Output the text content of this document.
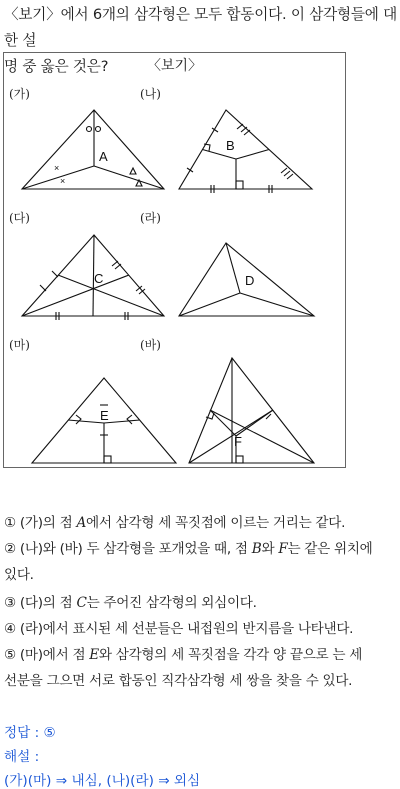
〈보기〉에서 6개의 삼각형은 모두 합동이다. 이 삼각형들에 대한 설
명 중 옳은 것은?	〈보기〉
(가)	(나)
(다)	(라)
(마)	(바)
×
×
A
B
C	D
E
F
① (가)의 점 A에서 삼각형 세 꼭짓점에 이르는 거리는 같다.
② (나)와 (바) 두 삼각형을 포개었을 때, 점 B와 F는 같은 위치에
있다.
③ (다)의 점 C는 주어진 삼각형의 외심이다.
④ (라)에서 표시된 세 선분들은 내접원의 반지름을 나타낸다.
⑤ (마)에서 점 E와 삼각형의 세 꼭짓점을 각각 양 끝으로 는 세
선분을 그으면 서로 합동인 직각삼각형 세 쌍을 찾을 수 있다.
정답 : ⑤
해설 :
(가)(마) ⇒ 내심, (나)(라) ⇒ 외심
